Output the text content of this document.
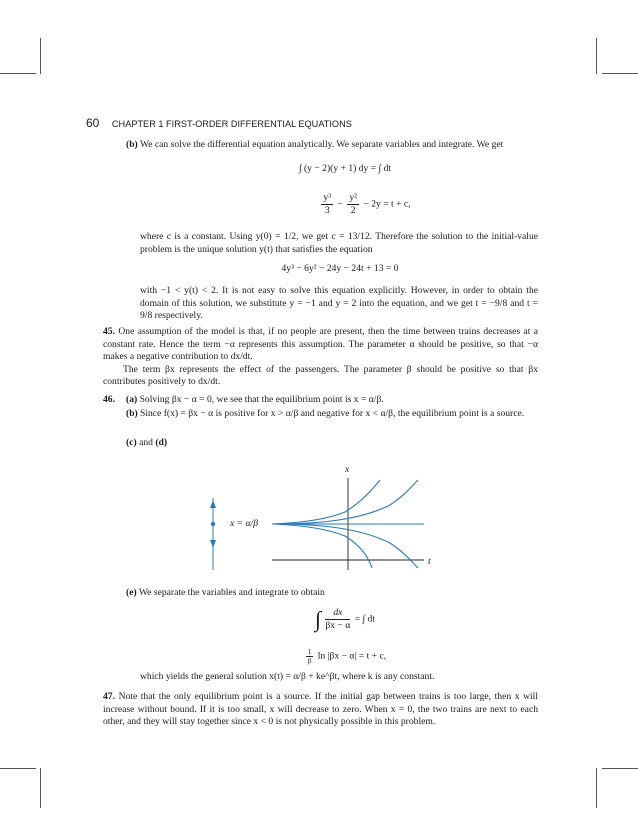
60 CHAPTER 1 FIRST-ORDER DIFFERENTIAL EQUATIONS
(b) We can solve the differential equation analytically. We separate variables and integrate. We get
∫ (y − 2)(y + 1) dy = ∫ dt
$\frac{\text{y³}}{3} - \frac{\text{y²}}{2} - 2y = t + c$,
where c is a constant. Using y(0) = 1/2, we get c = 13/12. Therefore the solution to the initial-value problem is the unique solution y(t) that satisfies the equation
4y³ − 6y² − 24y − 24t + 13 = 0
with −1 < y(t) < 2. It is not easy to solve this equation explicitly. However, in order to obtain the domain of this solution, we substitute y = −1 and y = 2 into the equation, and we get t = −9/8 and t = 9/8 respectively.

45. One assumption of the model is that, if no people are present, then the time between trains decreases at a constant rate. Hence the term −α represents this assumption. The parameter α should be positive, so that −α makes a negative contribution to dx/dt.

The term βx represents the effect of the passengers. The parameter β should be positive so that βx contributes positively to dx/dt.

46. (a) Solving βx − α = 0, we see that the equilibrium point is x = α/β.
(b) Since f(x) = βx − α is positive for x > α/β and negative for x < α/β, the equilibrium point is a source.
(c) and (d)
x
t
x = α/β
(e) We separate the variables and integrate to obtain
∫ $\frac{dx}{\beta x - \alpha}$ = ∫ dt
$\frac{1}{\beta}$ ln |βx − α| = t + c,
which yields the general solution x(t) = α/β + ke^βt, where k is any constant.
47. Note that the only equilibrium point is a source. If the initial gap between trains is too large, then x will increase without bound. If it is too small, x will decrease to zero. When x = 0, the two trains are next to each other, and they will stay together since x < 0 is not physically possible in this problem.
